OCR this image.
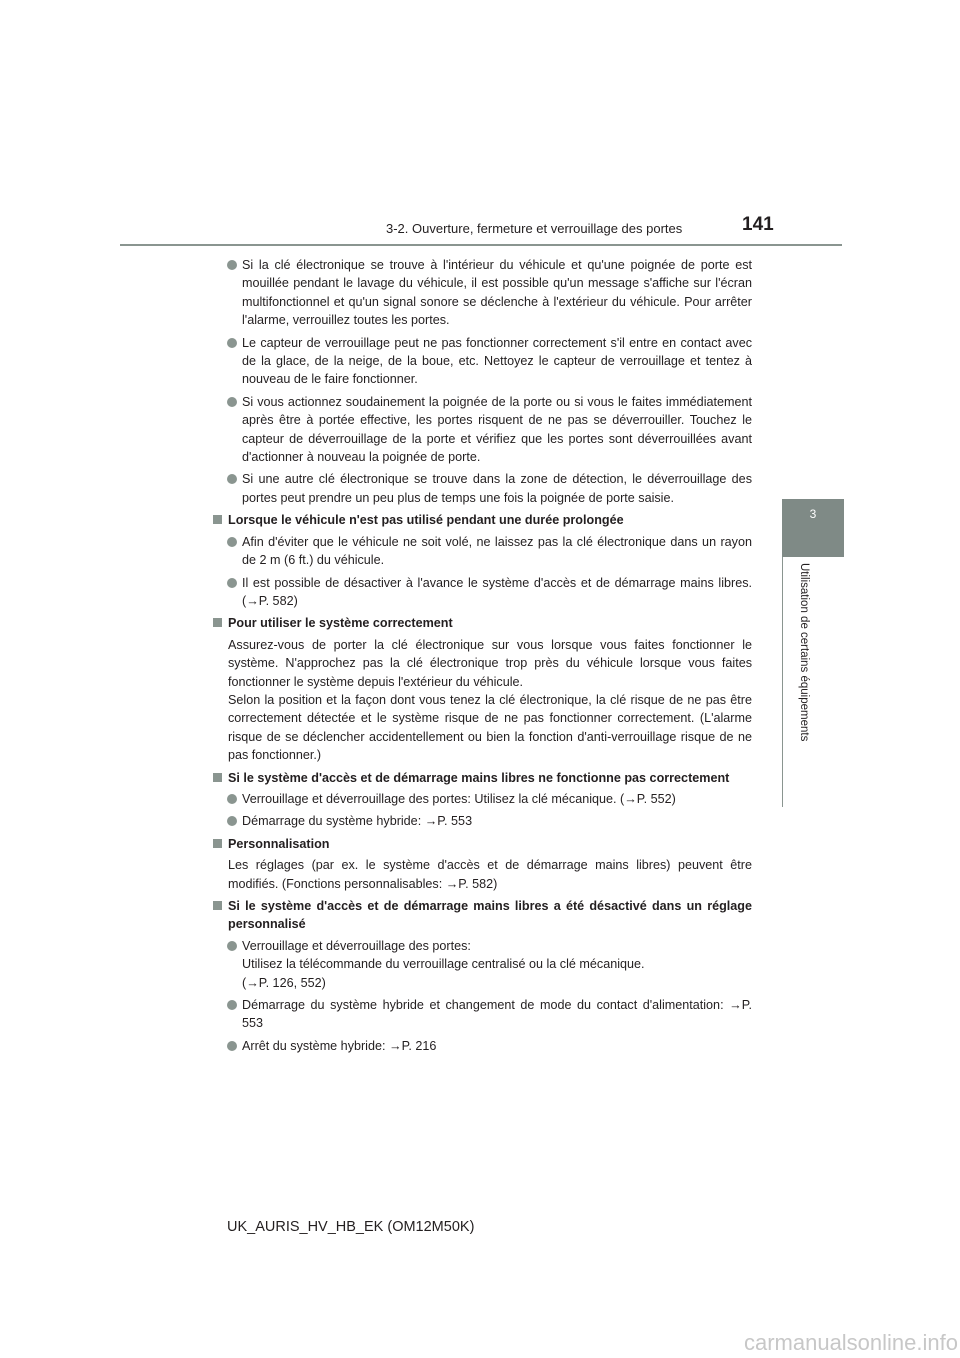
3-2. Ouverture, fermeture et verrouillage des portes	141
3
Utilisation de certains équipements
Si la clé électronique se trouve à l'intérieur du véhicule et qu'une poignée de porte est mouillée pendant le lavage du véhicule, il est possible qu'un message s'affiche sur l'écran multifonctionnel et qu'un signal sonore se déclenche à l'extérieur du véhicule. Pour arrêter l'alarme, verrouillez toutes les portes.
Le capteur de verrouillage peut ne pas fonctionner correctement s'il entre en contact avec de la glace, de la neige, de la boue, etc. Nettoyez le capteur de verrouillage et tentez à nouveau de le faire fonctionner.
Si vous actionnez soudainement la poignée de la porte ou si vous le faites immédiatement après être à portée effective, les portes risquent de ne pas se déverrouiller. Touchez le capteur de déverrouillage de la porte et vérifiez que les portes sont déverrouillées avant d'actionner à nouveau la poignée de porte.
Si une autre clé électronique se trouve dans la zone de détection, le déverrouillage des portes peut prendre un peu plus de temps une fois la poignée de porte saisie.
Lorsque le véhicule n'est pas utilisé pendant une durée prolongée
Afin d'éviter que le véhicule ne soit volé, ne laissez pas la clé électronique dans un rayon de 2 m (6 ft.) du véhicule.
Il est possible de désactiver à l'avance le système d'accès et de démarrage mains libres. (→P. 582)
Pour utiliser le système correctement
Assurez-vous de porter la clé électronique sur vous lorsque vous faites fonctionner le système. N'approchez pas la clé électronique trop près du véhicule lorsque vous faites fonctionner le système depuis l'extérieur du véhicule.
Selon la position et la façon dont vous tenez la clé électronique, la clé risque de ne pas être correctement détectée et le système risque de ne pas fonctionner correctement. (L'alarme risque de se déclencher accidentellement ou bien la fonction d'anti-verrouillage risque de ne pas fonctionner.)
Si le système d'accès et de démarrage mains libres ne fonctionne pas correctement
Verrouillage et déverrouillage des portes: Utilisez la clé mécanique. (→P. 552)
Démarrage du système hybride: →P. 553
Personnalisation
Les réglages (par ex. le système d'accès et de démarrage mains libres) peuvent être modifiés. (Fonctions personnalisables: →P. 582)
Si le système d'accès et de démarrage mains libres a été désactivé dans un réglage personnalisé
Verrouillage et déverrouillage des portes:
Utilisez la télécommande du verrouillage centralisé ou la clé mécanique.
(→P. 126, 552)
Démarrage du système hybride et changement de mode du contact d'alimentation: →P. 553
Arrêt du système hybride: →P. 216
UK_AURIS_HV_HB_EK (OM12M50K)
carmanualsonline.info
